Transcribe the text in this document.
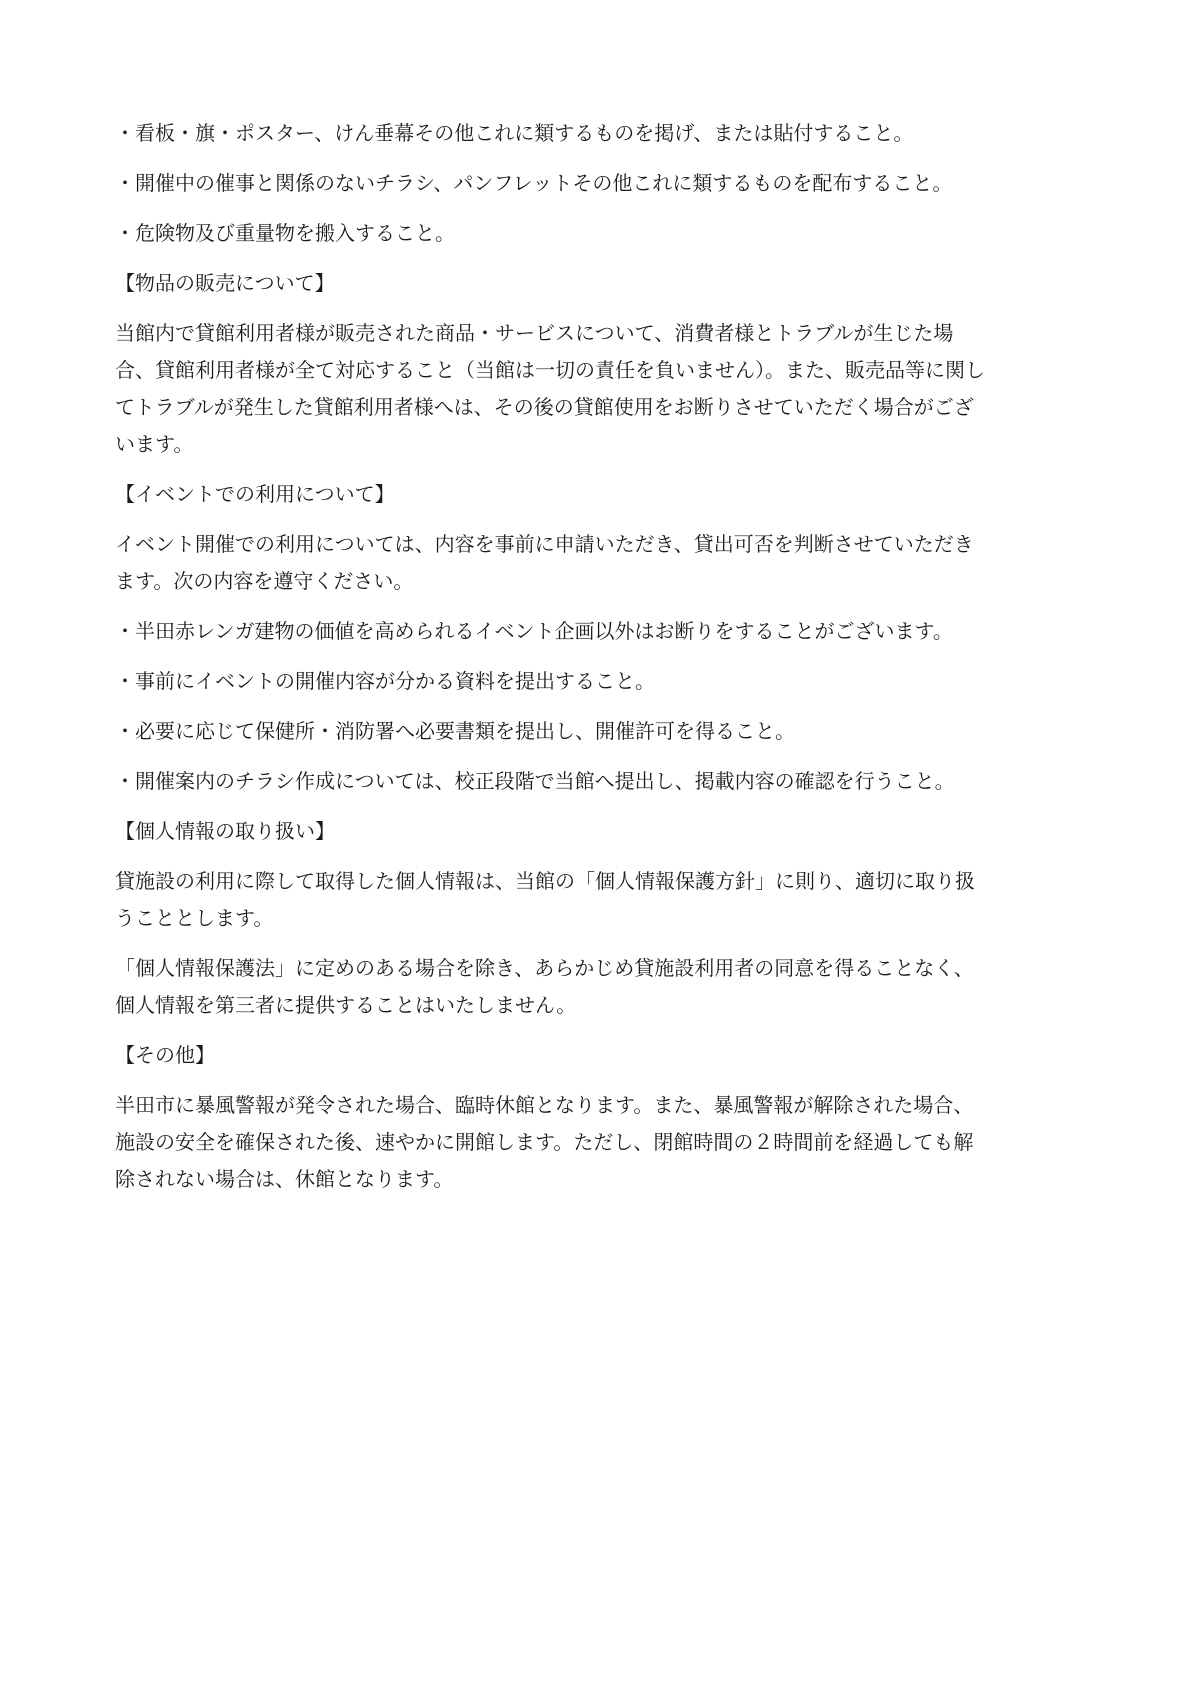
・看板・旗・ポスター、けん垂幕その他これに類するものを掲げ、または貼付すること。

・開催中の催事と関係のないチラシ、パンフレットその他これに類するものを配布すること。

・危険物及び重量物を搬入すること。

【物品の販売について】

当館内で貸館利用者様が販売された商品・サービスについて、消費者様とトラブルが生じた場
合、貸館利用者様が全て対応すること（当館は一切の責任を負いません）。また、販売品等に関し
てトラブルが発生した貸館利用者様へは、その後の貸館使用をお断りさせていただく場合がござ
います。

【イベントでの利用について】

イベント開催での利用については、内容を事前に申請いただき、貸出可否を判断させていただき
ます。次の内容を遵守ください。

・半田赤レンガ建物の価値を高められるイベント企画以外はお断りをすることがございます。

・事前にイベントの開催内容が分かる資料を提出すること。

・必要に応じて保健所・消防署へ必要書類を提出し、開催許可を得ること。

・開催案内のチラシ作成については、校正段階で当館へ提出し、掲載内容の確認を行うこと。

【個人情報の取り扱い】

貸施設の利用に際して取得した個人情報は、当館の「個人情報保護方針」に則り、適切に取り扱
うこととします。

「個人情報保護法」に定めのある場合を除き、あらかじめ貸施設利用者の同意を得ることなく、
個人情報を第三者に提供することはいたしません。

【その他】

半田市に暴風警報が発令された場合、臨時休館となります。また、暴風警報が解除された場合、
施設の安全を確保された後、速やかに開館します。ただし、閉館時間の２時間前を経過しても解
除されない場合は、休館となります。
